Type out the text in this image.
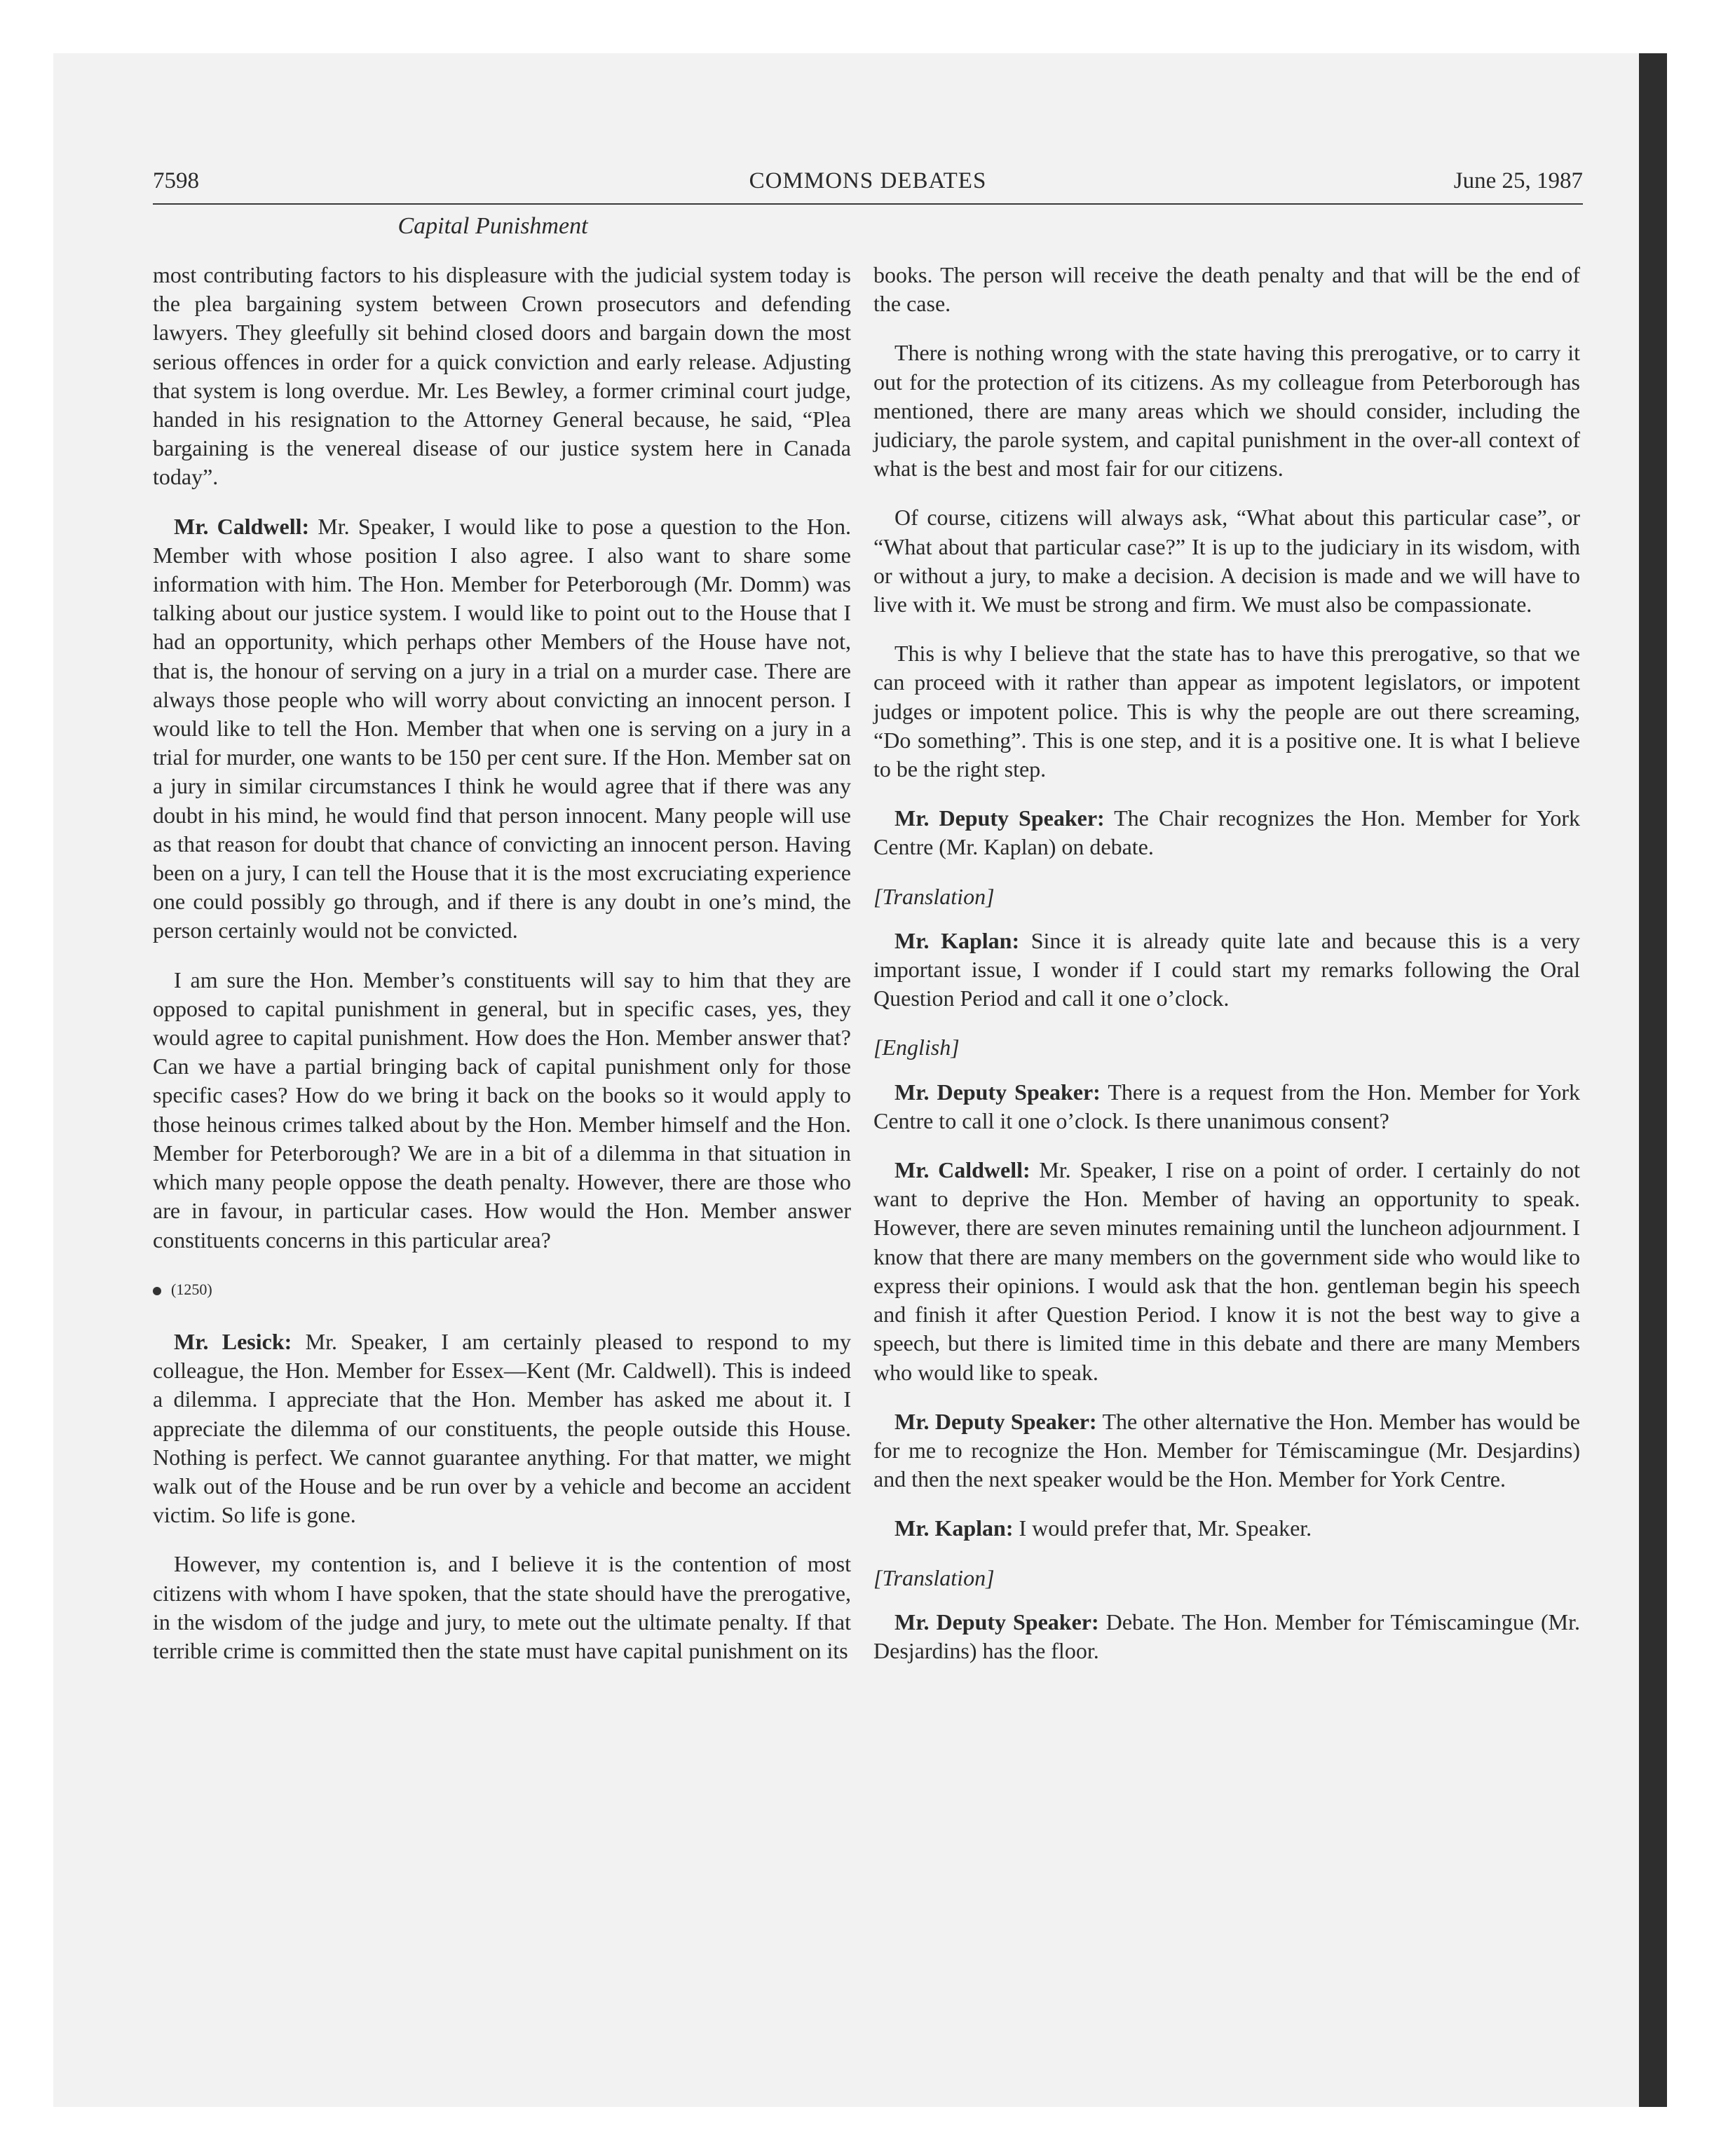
7598	COMMONS DEBATES	June 25, 1987
Capital Punishment

most contributing factors to his displeasure with the judicial system today is the plea bargaining system between Crown prosecutors and defending lawyers. They gleefully sit behind closed doors and bargain down the most serious offences in order for a quick conviction and early release. Adjusting that system is long overdue. Mr. Les Bewley, a former criminal court judge, handed in his resignation to the Attorney General because, he said, “Plea bargaining is the venereal disease of our justice system here in Canada today”.

Mr. Caldwell: Mr. Speaker, I would like to pose a question to the Hon. Member with whose position I also agree. I also want to share some information with him. The Hon. Member for Peterborough (Mr. Domm) was talking about our justice system. I would like to point out to the House that I had an opportunity, which perhaps other Members of the House have not, that is, the honour of serving on a jury in a trial on a murder case. There are always those people who will worry about convicting an innocent person. I would like to tell the Hon. Member that when one is serving on a jury in a trial for murder, one wants to be 150 per cent sure. If the Hon. Member sat on a jury in similar circumstances I think he would agree that if there was any doubt in his mind, he would find that person innocent. Many people will use as that reason for doubt that chance of convicting an innocent person. Having been on a jury, I can tell the House that it is the most excruciating experience one could possibly go through, and if there is any doubt in one’s mind, the person certainly would not be convicted.

I am sure the Hon. Member’s constituents will say to him that they are opposed to capital punishment in general, but in specific cases, yes, they would agree to capital punishment. How does the Hon. Member answer that? Can we have a partial bringing back of capital punishment only for those specific cases? How do we bring it back on the books so it would apply to those heinous crimes talked about by the Hon. Member himself and the Hon. Member for Peterborough? We are in a bit of a dilemma in that situation in which many people oppose the death penalty. However, there are those who are in favour, in particular cases. How would the Hon. Member answer constituents concerns in this particular area?

(1250)

Mr. Lesick: Mr. Speaker, I am certainly pleased to respond to my colleague, the Hon. Member for Essex—Kent (Mr. Caldwell). This is indeed a dilemma. I appreciate that the Hon. Member has asked me about it. I appreciate the dilemma of our constituents, the people outside this House. Nothing is perfect. We cannot guarantee anything. For that matter, we might walk out of the House and be run over by a vehicle and become an accident victim. So life is gone.

However, my contention is, and I believe it is the contention of most citizens with whom I have spoken, that the state should have the prerogative, in the wisdom of the judge and jury, to mete out the ultimate penalty. If that terrible crime is committed then the state must have capital punishment on its

books. The person will receive the death penalty and that will be the end of the case.

There is nothing wrong with the state having this prerogative, or to carry it out for the protection of its citizens. As my colleague from Peterborough has mentioned, there are many areas which we should consider, including the judiciary, the parole system, and capital punishment in the over-all context of what is the best and most fair for our citizens.

Of course, citizens will always ask, “What about this particular case”, or “What about that particular case?” It is up to the judiciary in its wisdom, with or without a jury, to make a decision. A decision is made and we will have to live with it. We must be strong and firm. We must also be compassionate.

This is why I believe that the state has to have this prerogative, so that we can proceed with it rather than appear as impotent legislators, or impotent judges or impotent police. This is why the people are out there screaming, “Do something”. This is one step, and it is a positive one. It is what I believe to be the right step.

Mr. Deputy Speaker: The Chair recognizes the Hon. Member for York Centre (Mr. Kaplan) on debate.

[Translation]

Mr. Kaplan: Since it is already quite late and because this is a very important issue, I wonder if I could start my remarks following the Oral Question Period and call it one o’clock.

[English]

Mr. Deputy Speaker: There is a request from the Hon. Member for York Centre to call it one o’clock. Is there unanimous consent?

Mr. Caldwell: Mr. Speaker, I rise on a point of order. I certainly do not want to deprive the Hon. Member of having an opportunity to speak. However, there are seven minutes remaining until the luncheon adjournment. I know that there are many members on the government side who would like to express their opinions. I would ask that the hon. gentleman begin his speech and finish it after Question Period. I know it is not the best way to give a speech, but there is limited time in this debate and there are many Members who would like to speak.

Mr. Deputy Speaker: The other alternative the Hon. Member has would be for me to recognize the Hon. Member for Témiscamingue (Mr. Desjardins) and then the next speaker would be the Hon. Member for York Centre.

Mr. Kaplan: I would prefer that, Mr. Speaker.

[Translation]

Mr. Deputy Speaker: Debate. The Hon. Member for Témiscamingue (Mr. Desjardins) has the floor.
